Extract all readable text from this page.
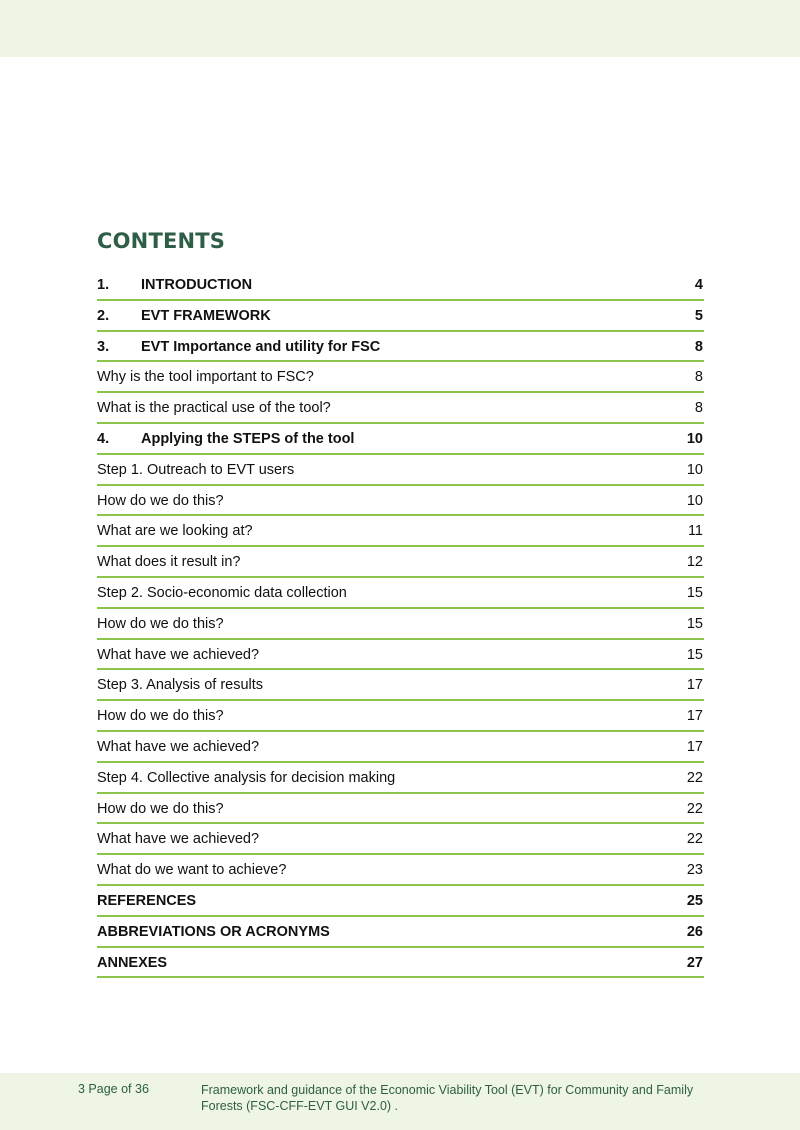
CONTENTS
1. INTRODUCTION	4
2. EVT FRAMEWORK	5
3. EVT Importance and utility for FSC	8
Why is the tool important to FSC?	8
What is the practical use of the tool?	8
4. Applying the STEPS of the tool	10
Step 1. Outreach to EVT users	10
How do we do this?	10
What are we looking at?	11
What does it result in?	12
Step 2. Socio-economic data collection	15
How do we do this?	15
What have we achieved?	15
Step 3. Analysis of results	17
How do we do this?	17
What have we achieved?	17
Step 4. Collective analysis for decision making	22
How do we do this?	22
What have we achieved?	22
What do we want to achieve?	23
REFERENCES	25
ABBREVIATIONS OR ACRONYMS	26
ANNEXES	27
3 Page of 36	Framework and guidance of the Economic Viability Tool (EVT) for Community and Family Forests (FSC-CFF-EVT GUI V2.0) .
